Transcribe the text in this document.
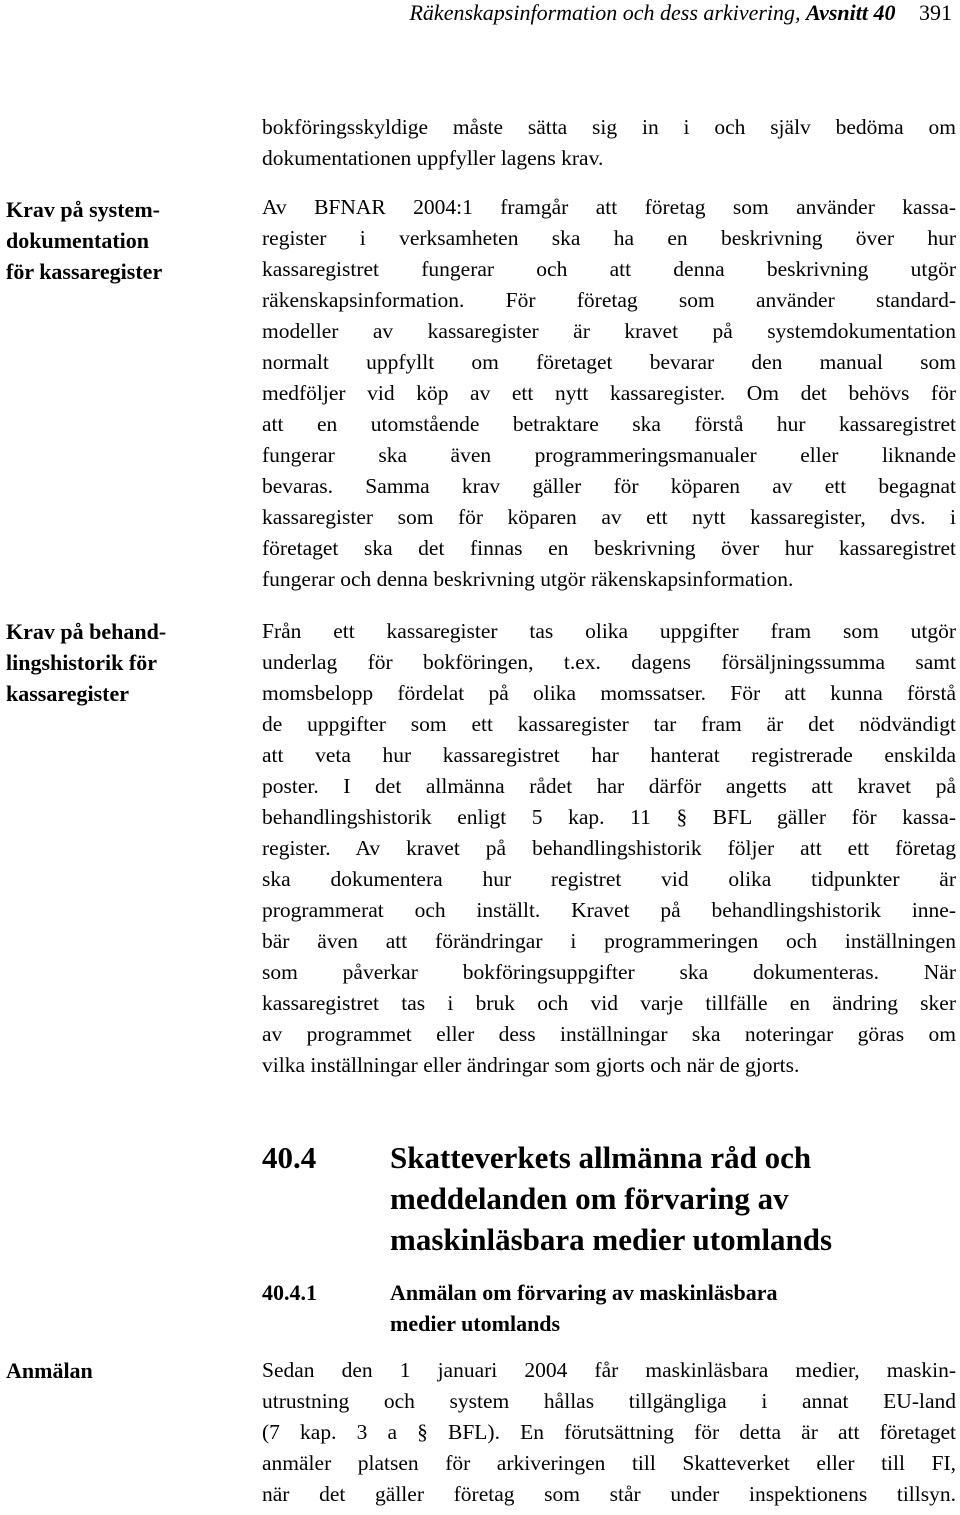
Räkenskapsinformation och dess arkivering, Avsnitt 40 391
Krav på system-
dokumentation
för kassaregister
Krav på behand-
lingshistorik för
kassaregister
Anmälan
bokföringsskyldige måste sätta sig in i och själv bedöma om
dokumentationen uppfyller lagens krav.
Av BFNAR 2004:1 framgår att företag som använder kassa-
register i verksamheten ska ha en beskrivning över hur
kassaregistret fungerar och att denna beskrivning utgör
räkenskapsinformation. För företag som använder standard-
modeller av kassaregister är kravet på systemdokumentation
normalt uppfyllt om företaget bevarar den manual som
medföljer vid köp av ett nytt kassaregister. Om det behövs för
att en utomstående betraktare ska förstå hur kassaregistret
fungerar ska även programmeringsmanualer eller liknande
bevaras. Samma krav gäller för köparen av ett begagnat
kassaregister som för köparen av ett nytt kassaregister, dvs. i
företaget ska det finnas en beskrivning över hur kassaregistret
fungerar och denna beskrivning utgör räkenskapsinformation.
Från ett kassaregister tas olika uppgifter fram som utgör
underlag för bokföringen, t.ex. dagens försäljningssumma samt
momsbelopp fördelat på olika momssatser. För att kunna förstå
de uppgifter som ett kassaregister tar fram är det nödvändigt
att veta hur kassaregistret har hanterat registrerade enskilda
poster. I det allmänna rådet har därför angetts att kravet på
behandlingshistorik enligt 5 kap. 11 § BFL gäller för kassa-
register. Av kravet på behandlingshistorik följer att ett företag
ska dokumentera hur registret vid olika tidpunkter är
programmerat och inställt. Kravet på behandlingshistorik inne-
bär även att förändringar i programmeringen och inställningen
som påverkar bokföringsuppgifter ska dokumenteras. När
kassaregistret tas i bruk och vid varje tillfälle en ändring sker
av programmet eller dess inställningar ska noteringar göras om
vilka inställningar eller ändringar som gjorts och när de gjorts.
40.4 Skatteverkets allmänna råd och
meddelanden om förvaring av
maskinläsbara medier utomlands
40.4.1	Anmälan om förvaring av maskinläsbara
medier utomlands
Sedan den 1 januari 2004 får maskinläsbara medier, maskin-
utrustning och system hållas tillgängliga i annat EU-land
(7 kap. 3 a § BFL). En förutsättning för detta är att företaget
anmäler platsen för arkiveringen till Skatteverket eller till FI,
när det gäller företag som står under inspektionens tillsyn.
